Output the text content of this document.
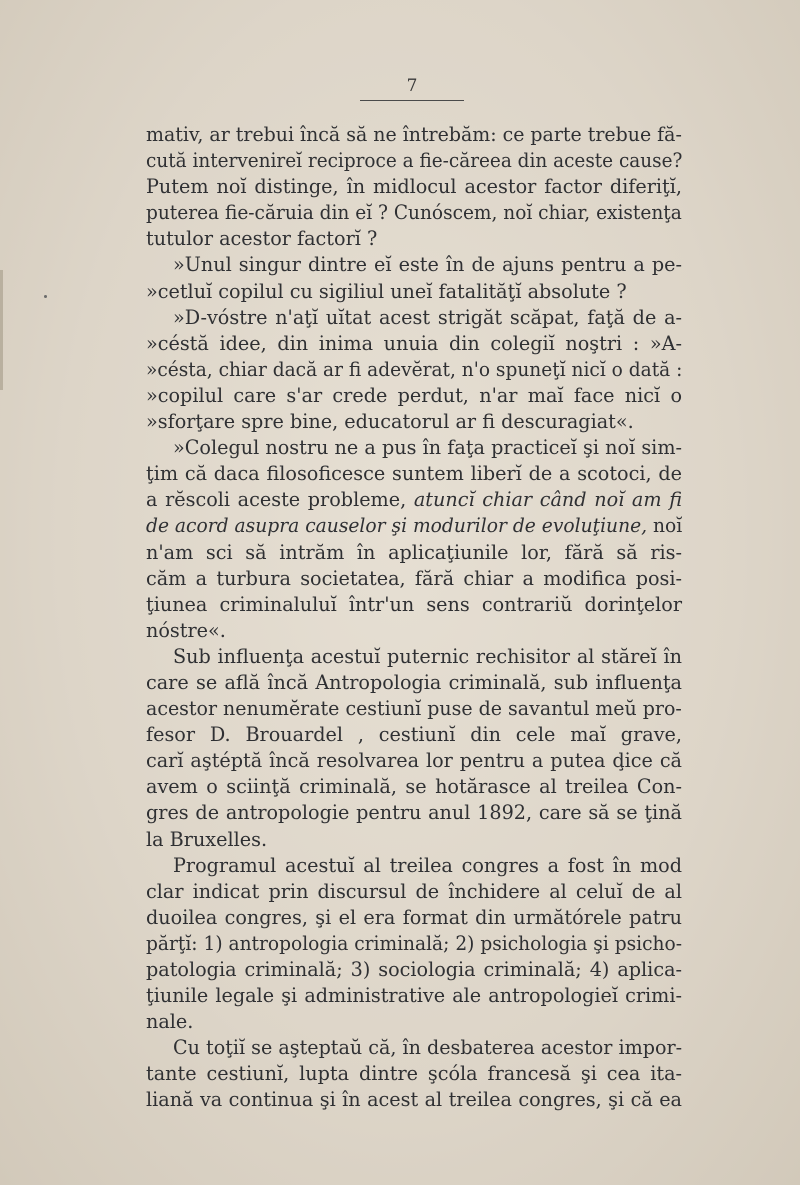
7
mativ, ar trebui încă să ne întrebăm: ce parte trebue fă-
cută intervenireĭ reciproce a fie-căreea din aceste cause?
Putem noĭ distinge, în midlocul acestor factor diferiţĭ,
puterea fie-căruia din eĭ ? Cunóscem, noĭ chiar, existenţa
tutulor acestor factorĭ ?
»Unul singur dintre eĭ este în de ajuns pentru a pe-
»cetluĭ copilul cu sigiliul uneĭ fatalităţĭ absolute ?
»D-vóstre n'aţĭ uĭtat acest strigăt scăpat, faţă de a-
»céstă idee, din inima unuia din colegiĭ noştri : »A-
»césta, chiar dacă ar fi adevĕrat, n'o spuneţĭ nicĭ o dată :
»copilul care s'ar crede perdut, n'ar maĭ face nicĭ o
»sforţare spre bine, educatorul ar fi descuragiat«.
»Colegul nostru ne a pus în faţa practiceĭ şi noĭ sim-
ţim că daca filosoficesce suntem liberĭ de a scotoci, de
a rĕscoli aceste probleme, atuncĭ chiar când noĭ am fi
de acord asupra causelor şi modurilor de evoluţiune, noĭ
n'am sci să intrăm în aplicaţiunile lor, fără să ris-
căm a turbura societatea, fără chiar a modifica posi-
ţiunea criminaluluĭ într'un sens contrariŭ dorinţelor
nóstre«.
Sub influenţa acestuĭ puternic rechisitor al stăreĭ în
care se află încă Antropologia criminală, sub influenţa
acestor nenumĕrate cestiunĭ puse de savantul meŭ pro-
fesor D. Brouardel , cestiunĭ din cele maĭ grave,
carĭ aştéptă încă resolvarea lor pentru a putea ḑice că
avem o sciinţă criminală, se hotărasce al treilea Con-
gres de antropologie pentru anul 1892, care să se ţină
la Bruxelles.
Programul acestuĭ al treilea congres a fost în mod
clar indicat prin discursul de închidere al celuĭ de al
duoilea congres, şi el era format din următórele patru
părţĭ: 1) antropologia criminală; 2) psichologia şi psicho-
patologia criminală; 3) sociologia criminală; 4) aplica-
ţiunile legale şi administrative ale antropologieĭ crimi-
nale.
Cu toţiĭ se aşteptaŭ că, în desbaterea acestor impor-
tante cestiunĭ, lupta dintre şcóla francesă şi cea ita-
liană va continua şi în acest al treilea congres, şi că ea
